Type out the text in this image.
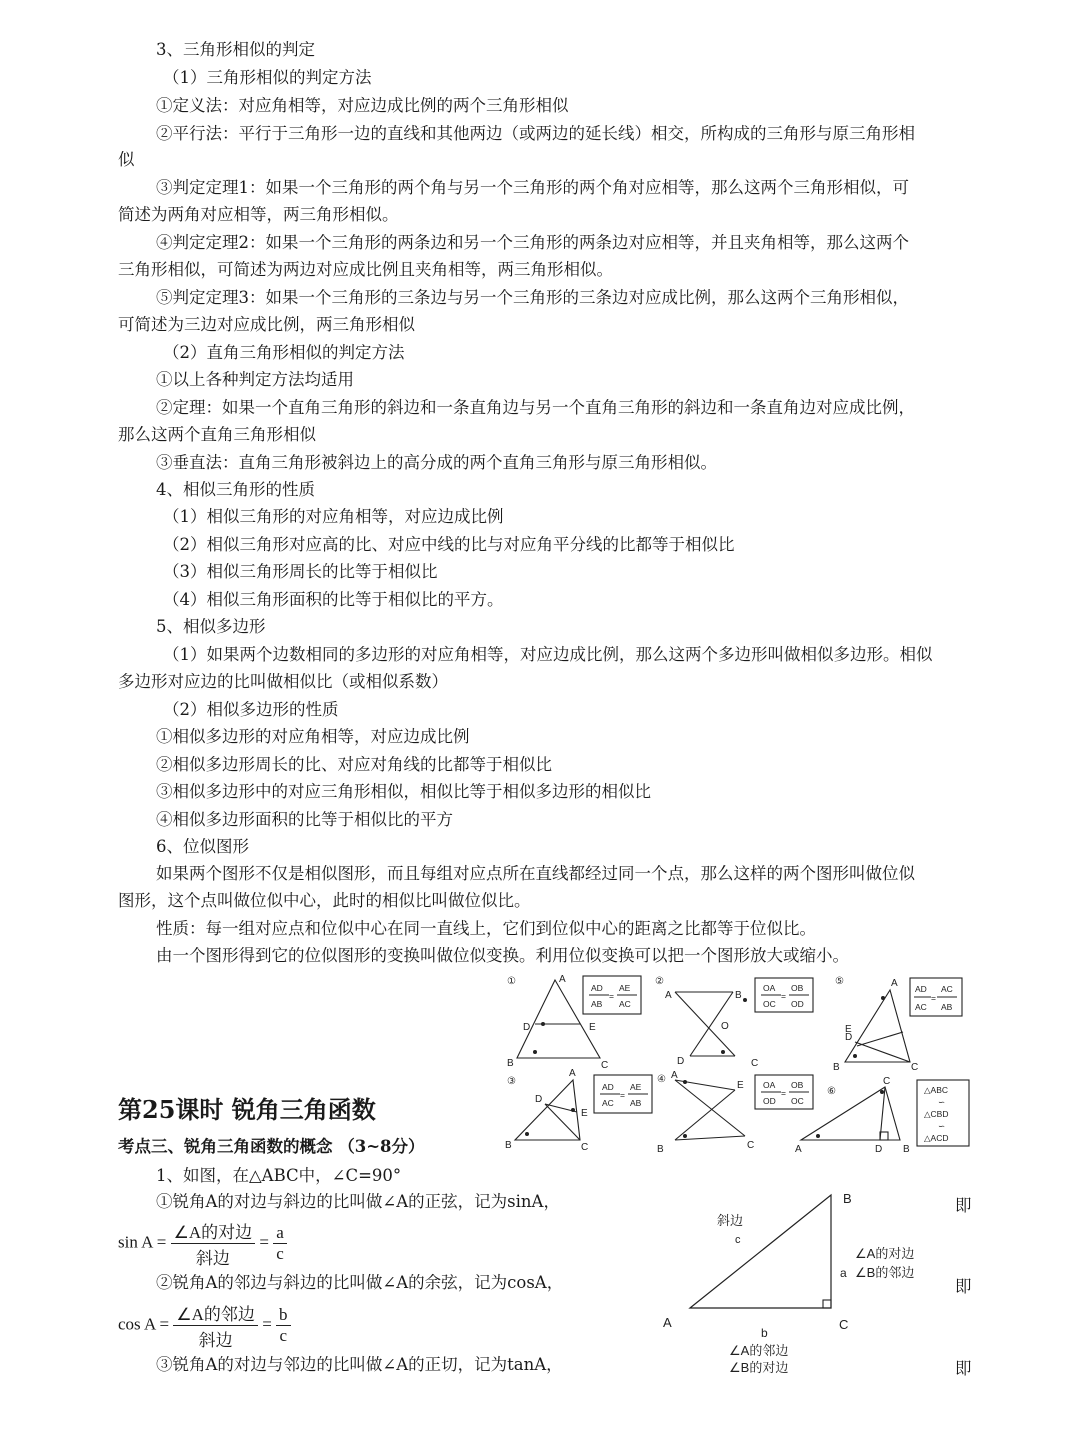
3、三角形相似的判定
（1）三角形相似的判定方法
①定义法：对应角相等，对应边成比例的两个三角形相似
②平行法：平行于三角形一边的直线和其他两边（或两边的延长线）相交，所构成的三角形与原三角形相
似
③判定定理1：如果一个三角形的两个角与另一个三角形的两个角对应相等，那么这两个三角形相似，可
简述为两角对应相等，两三角形相似。
④判定定理2：如果一个三角形的两条边和另一个三角形的两条边对应相等，并且夹角相等，那么这两个
三角形相似，可简述为两边对应成比例且夹角相等，两三角形相似。
⑤判定定理3：如果一个三角形的三条边与另一个三角形的三条边对应成比例，那么这两个三角形相似，
可简述为三边对应成比例，两三角形相似
（2）直角三角形相似的判定方法
①以上各种判定方法均适用
②定理：如果一个直角三角形的斜边和一条直角边与另一个直角三角形的斜边和一条直角边对应成比例，
那么这两个直角三角形相似
③垂直法：直角三角形被斜边上的高分成的两个直角三角形与原三角形相似。
4、相似三角形的性质
（1）相似三角形的对应角相等，对应边成比例
（2）相似三角形对应高的比、对应中线的比与对应角平分线的比都等于相似比
（3）相似三角形周长的比等于相似比
（4）相似三角形面积的比等于相似比的平方。
5、相似多边形
（1）如果两个边数相同的多边形的对应角相等，对应边成比例，那么这两个多边形叫做相似多边形。相似
多边形对应边的比叫做相似比（或相似系数）
（2）相似多边形的性质
①相似多边形的对应角相等，对应边成比例
②相似多边形周长的比、对应对角线的比都等于相似比
③相似多边形中的对应三角形相似，相似比等于相似多边形的相似比
④相似多边形面积的比等于相似比的平方
6、位似图形
如果两个图形不仅是相似图形，而且每组对应点所在直线都经过同一个点，那么这样的两个图形叫做位似
图形，这个点叫做位似中心，此时的相似比叫做位似比。
性质：每一组对应点和位似中心在同一直线上，它们到位似中心的距离之比都等于位似比。
由一个图形得到它的位似图形的变换叫做位似变换。利用位似变换可以把一个图形放大或缩小。
第25课时 锐角三角函数
考点三、锐角三角函数的概念 （3~8分）
1、如图，在△ABC中，∠C=90°
①锐角A的对边与斜边的比叫做∠A的正弦，记为sinA，
②锐角A的邻边与斜边的比叫做∠A的余弦，记为cosA，
③锐角A的对边与邻边的比叫做∠A的正切，记为tanA，
即
即
即
$\sin A = \frac{\text{∠A的对边}}{\text{斜边}} = \frac{a}{c}$
$\cos A = \frac{\text{∠A的邻边}}{\text{斜边}} = \frac{b}{c}$
①	②	⑤
③	④
⑥
A
D	E
B	C
A	B
O
D	C
A
D
E
B	C
A
D
E
B	C
A
E
B	C
C
A	D B
AD
AB
=
AE
AC
OA
OC
=
OB
OD
AD
AC
=
AC
AB
AD
AC
=
AE
AB
OA
OD
=
OB
OC
△ABC
∽
△CBD
∽
△ACD
B
A	C
斜边
c
a
b
∠A的对边
∠B的邻边
∠A的邻边
∠B的对边
